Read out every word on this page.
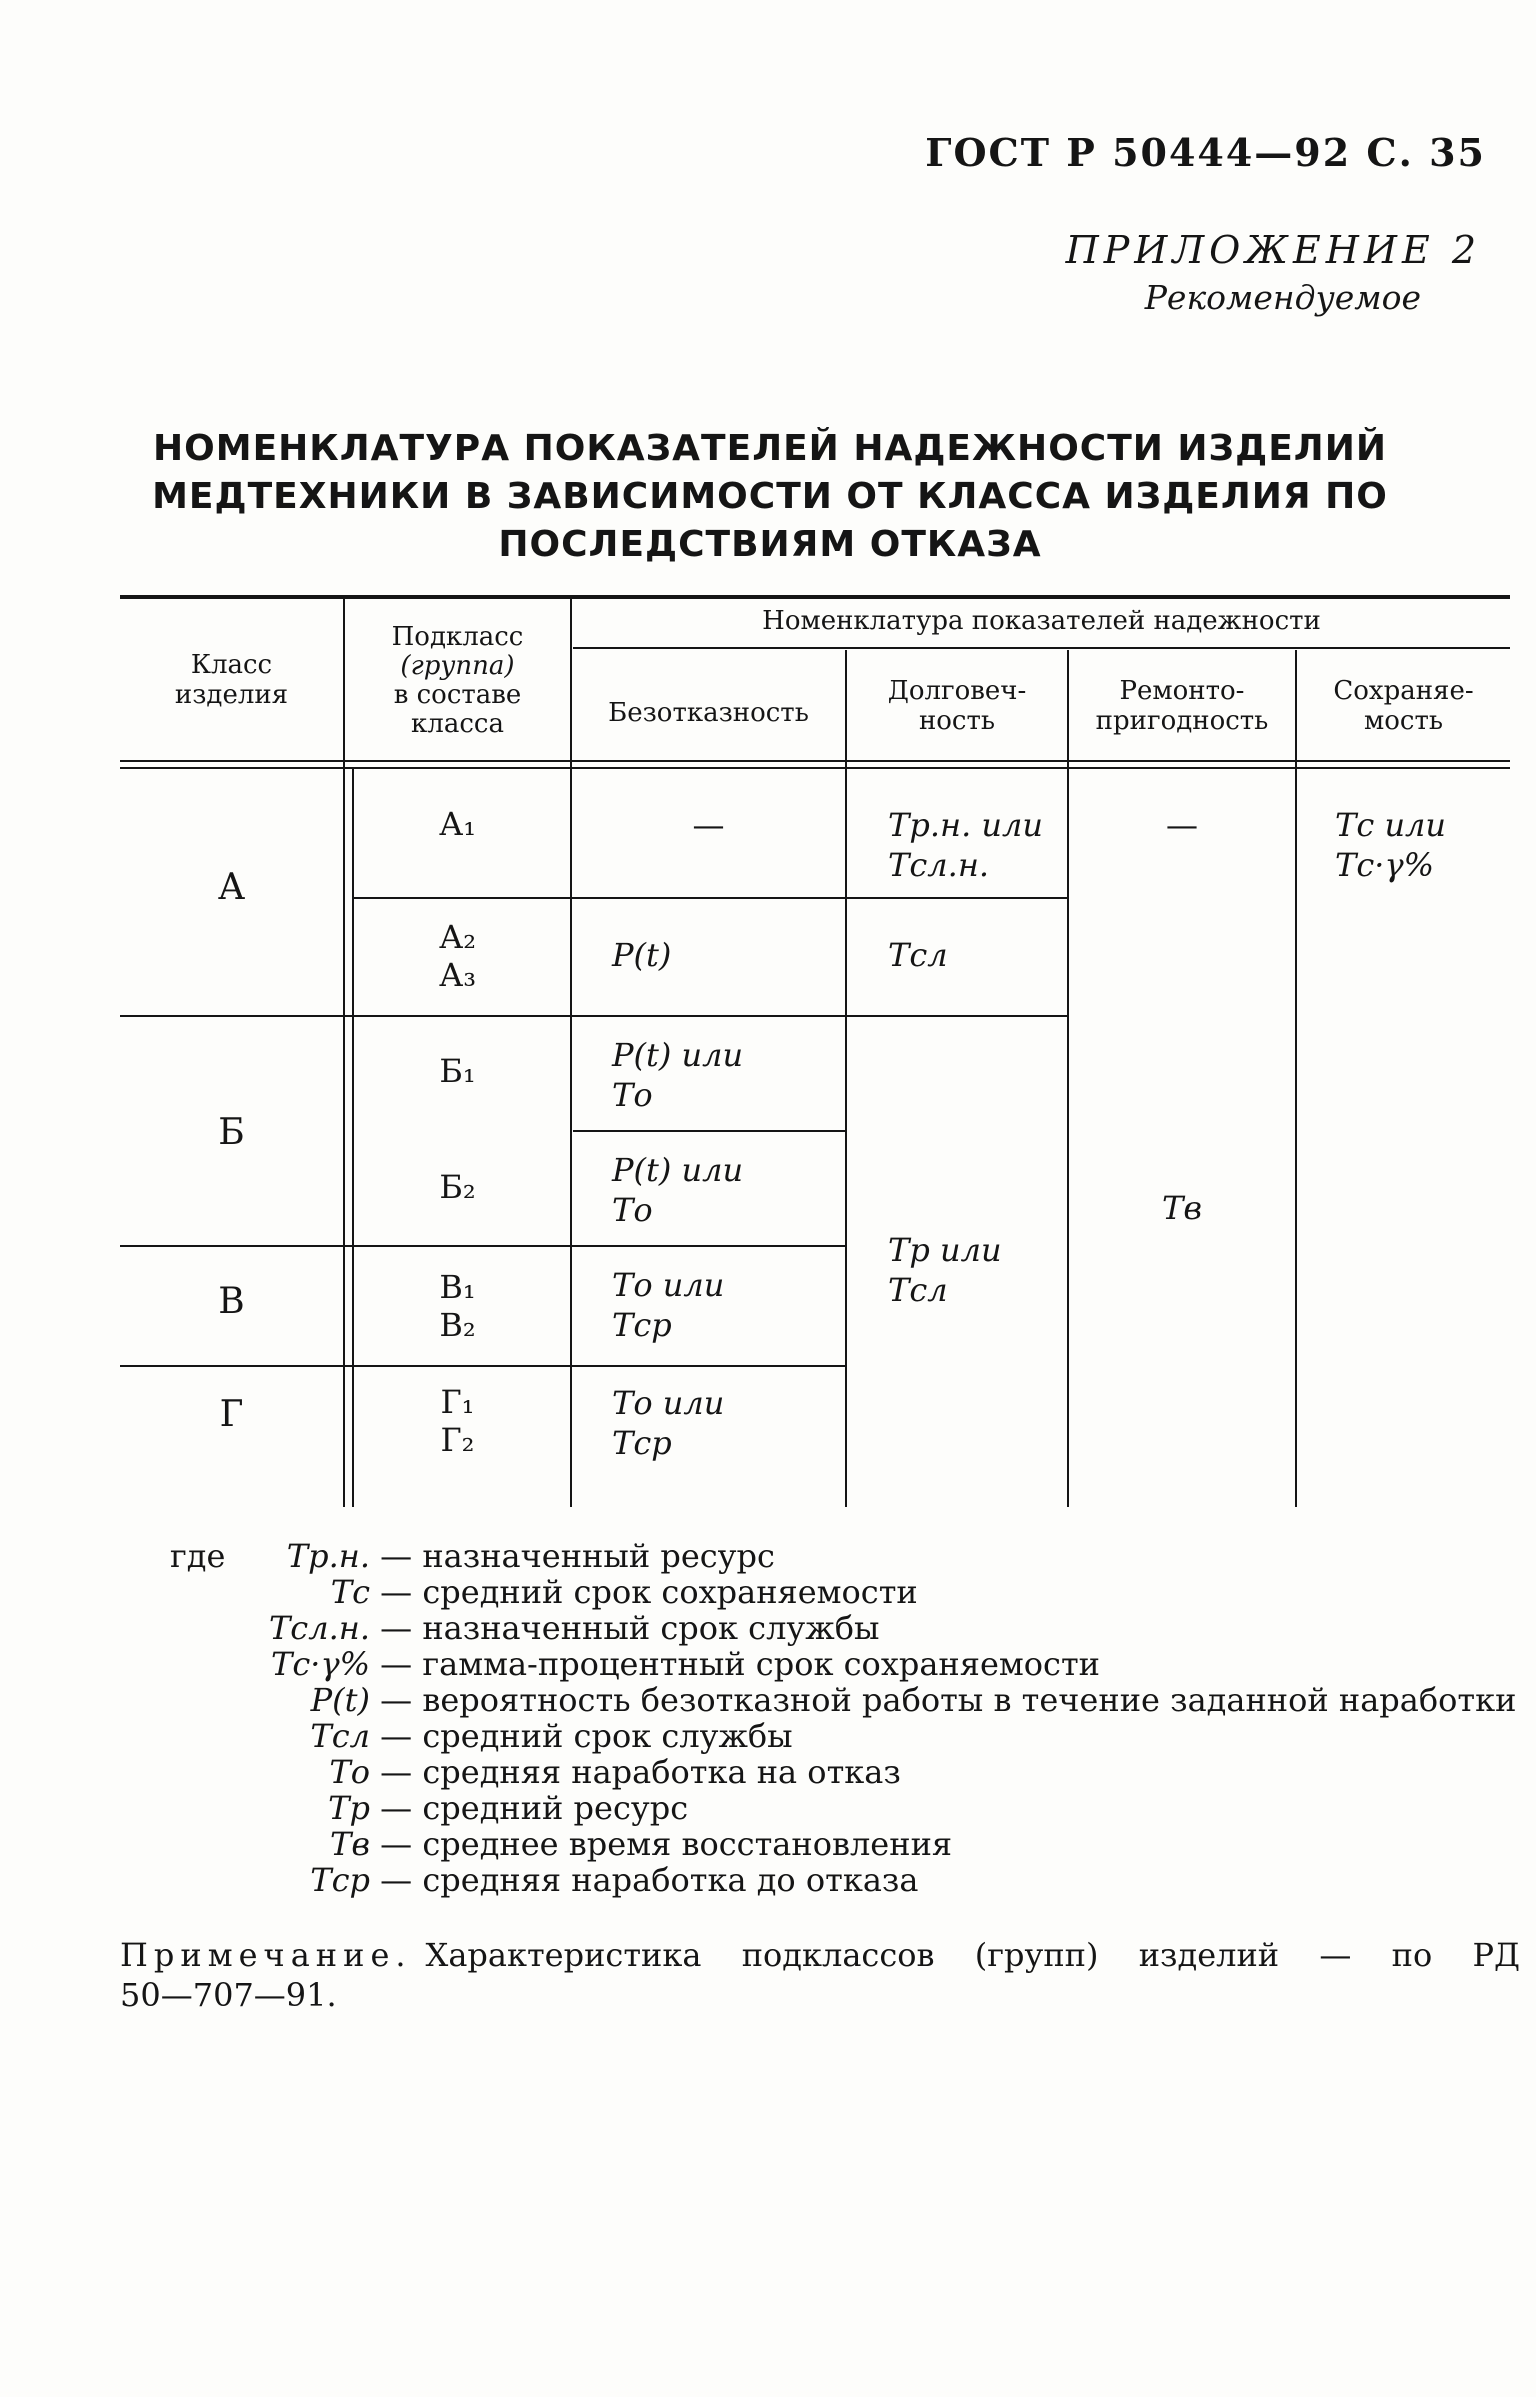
ГОСТ Р 50444—92 С. 35
ПРИЛОЖЕНИЕ 2
Рекомендуемое
НОМЕНКЛАТУРА ПОКАЗАТЕЛЕЙ НАДЕЖНОСТИ ИЗДЕЛИЙ
МЕДТЕХНИКИ В ЗАВИСИМОСТИ ОТ КЛАССА ИЗДЕЛИЯ ПО
ПОСЛЕДСТВИЯМ ОТКАЗА
Класс
изделия
Подкласс
(группа)
в составе
класса
Номенклатура показателей надежности
Безотказность
Долговеч-
ность
Ремонто-
пригодность
Сохраняе-
мость
А
Б
В
Г
А₁
А₂
А₃
Б₁
Б₂
В₁
В₂
Г₁
Г₂
—
P(t)
P(t) или
То
P(t) или
То
То или
Тср
То или
Тср
Тр.н. или
Тсл.н.
Тсл
Тр или
Тсл
—
Тв
Тс или
Тс·γ%
где	Тр.н. — назначенный ресурс
Тс — средний срок сохраняемости
Тсл.н. — назначенный срок службы
Тс·γ% — гамма-процентный срок сохраняемости
P(t) — вероятность безотказной работы в течение заданной наработки
Тсл — средний срок службы
То — средняя наработка на отказ
Тр — средний ресурс
Тв — среднее время восстановления
Тср — средняя наработка до отказа
Примечание. Характеристика подклассов (групп) изделий — по РД
50—707—91.
